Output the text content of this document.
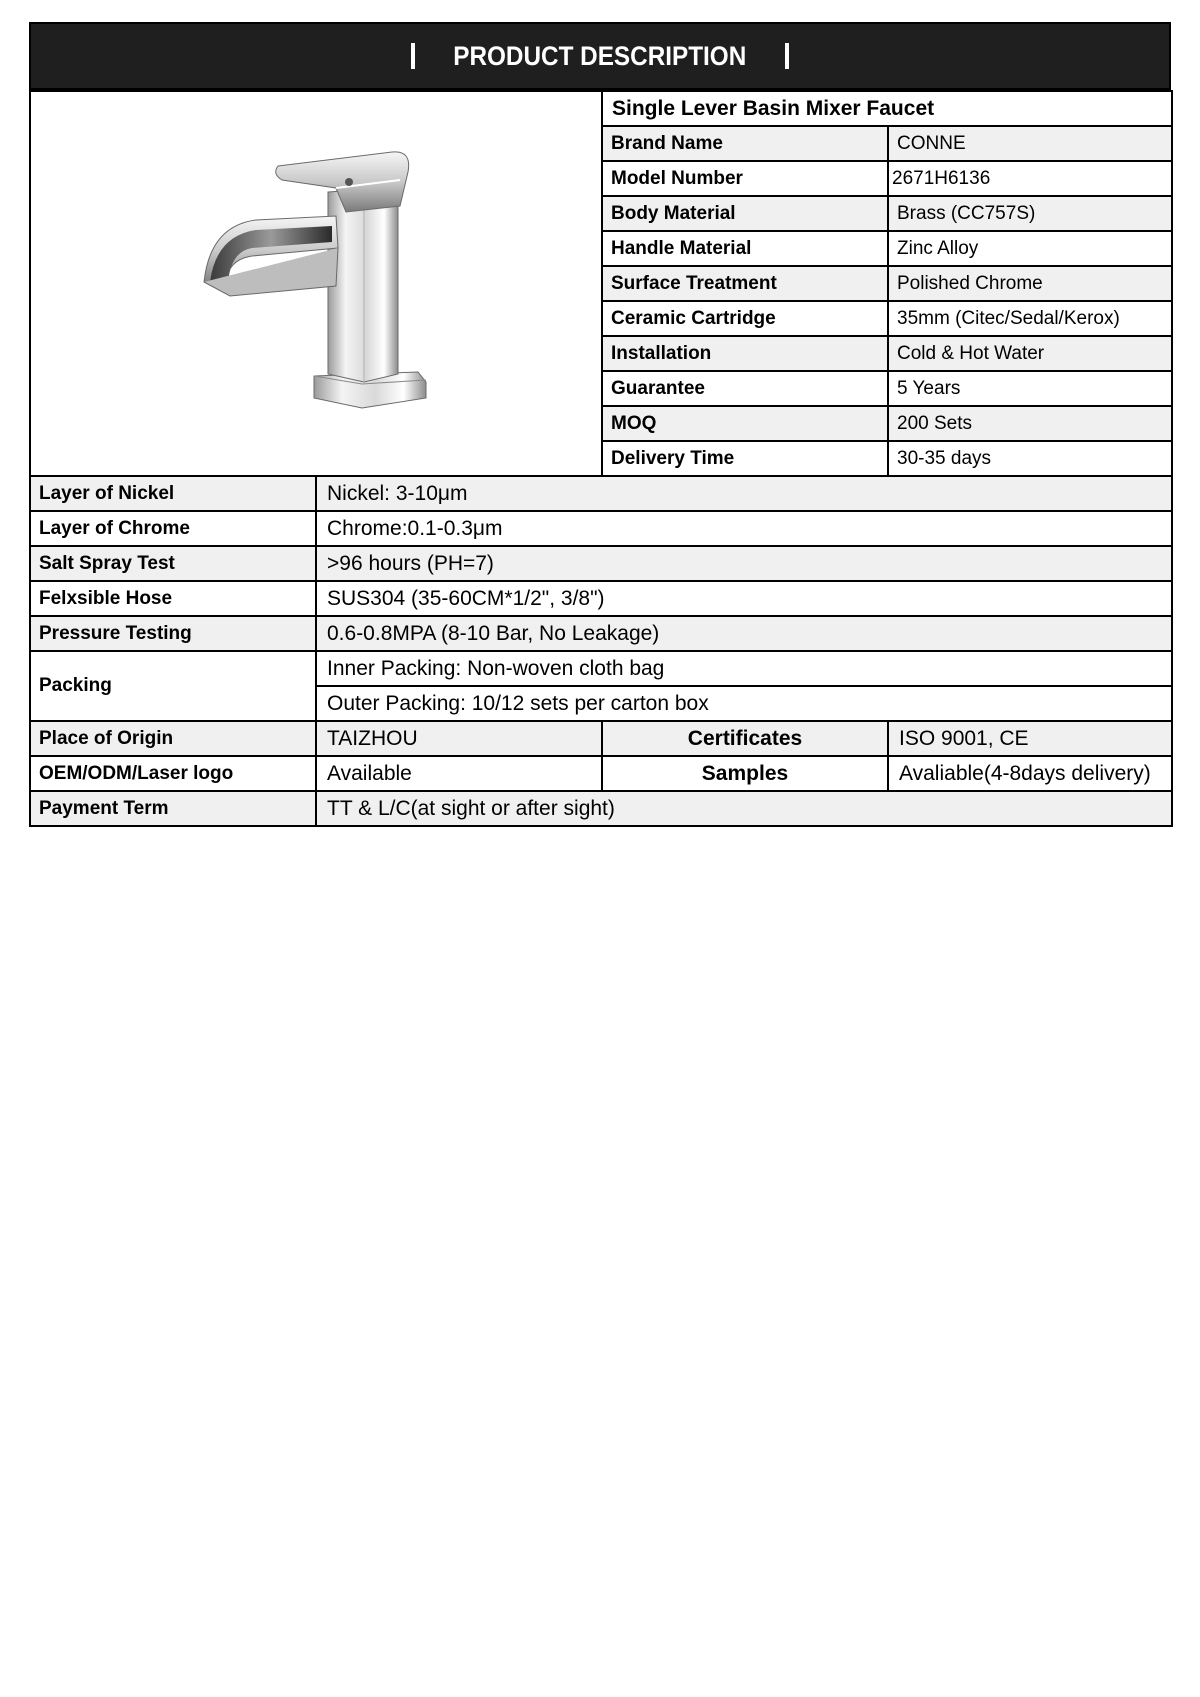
PRODUCT DESCRIPTION
	Single Lever Basin Mixer Faucet	
		Brand Name	CONNE
		Model Number	2671H6136
		Body Material	Brass (CC757S)
		Handle Material	Zinc Alloy
		Surface Treatment	Polished Chrome
		Ceramic Cartridge	35mm (Citec/Sedal/Kerox)
		Installation	Cold & Hot Water
		Guarantee	5 Years
		MOQ	200 Sets
		Delivery Time	30-35 days
Layer of Nickel	Nickel: 3-10μm		
Layer of Chrome	Chrome:0.1-0.3μm		
Salt Spray Test	>96 hours (PH=7)		
Felxsible Hose	SUS304 (35-60CM*1/2", 3/8")		
Pressure Testing	0.6-0.8MPA (8-10 Bar, No Leakage)		
Packing	Inner Packing: Non-woven cloth bag		
	Outer Packing: 10/12 sets per carton box		
Place of Origin	TAIZHOU	Certificates	ISO 9001, CE
OEM/ODM/Laser logo	Available	Samples	Avaliable(4-8days delivery)
Payment Term	TT & L/C(at sight or after sight)		
